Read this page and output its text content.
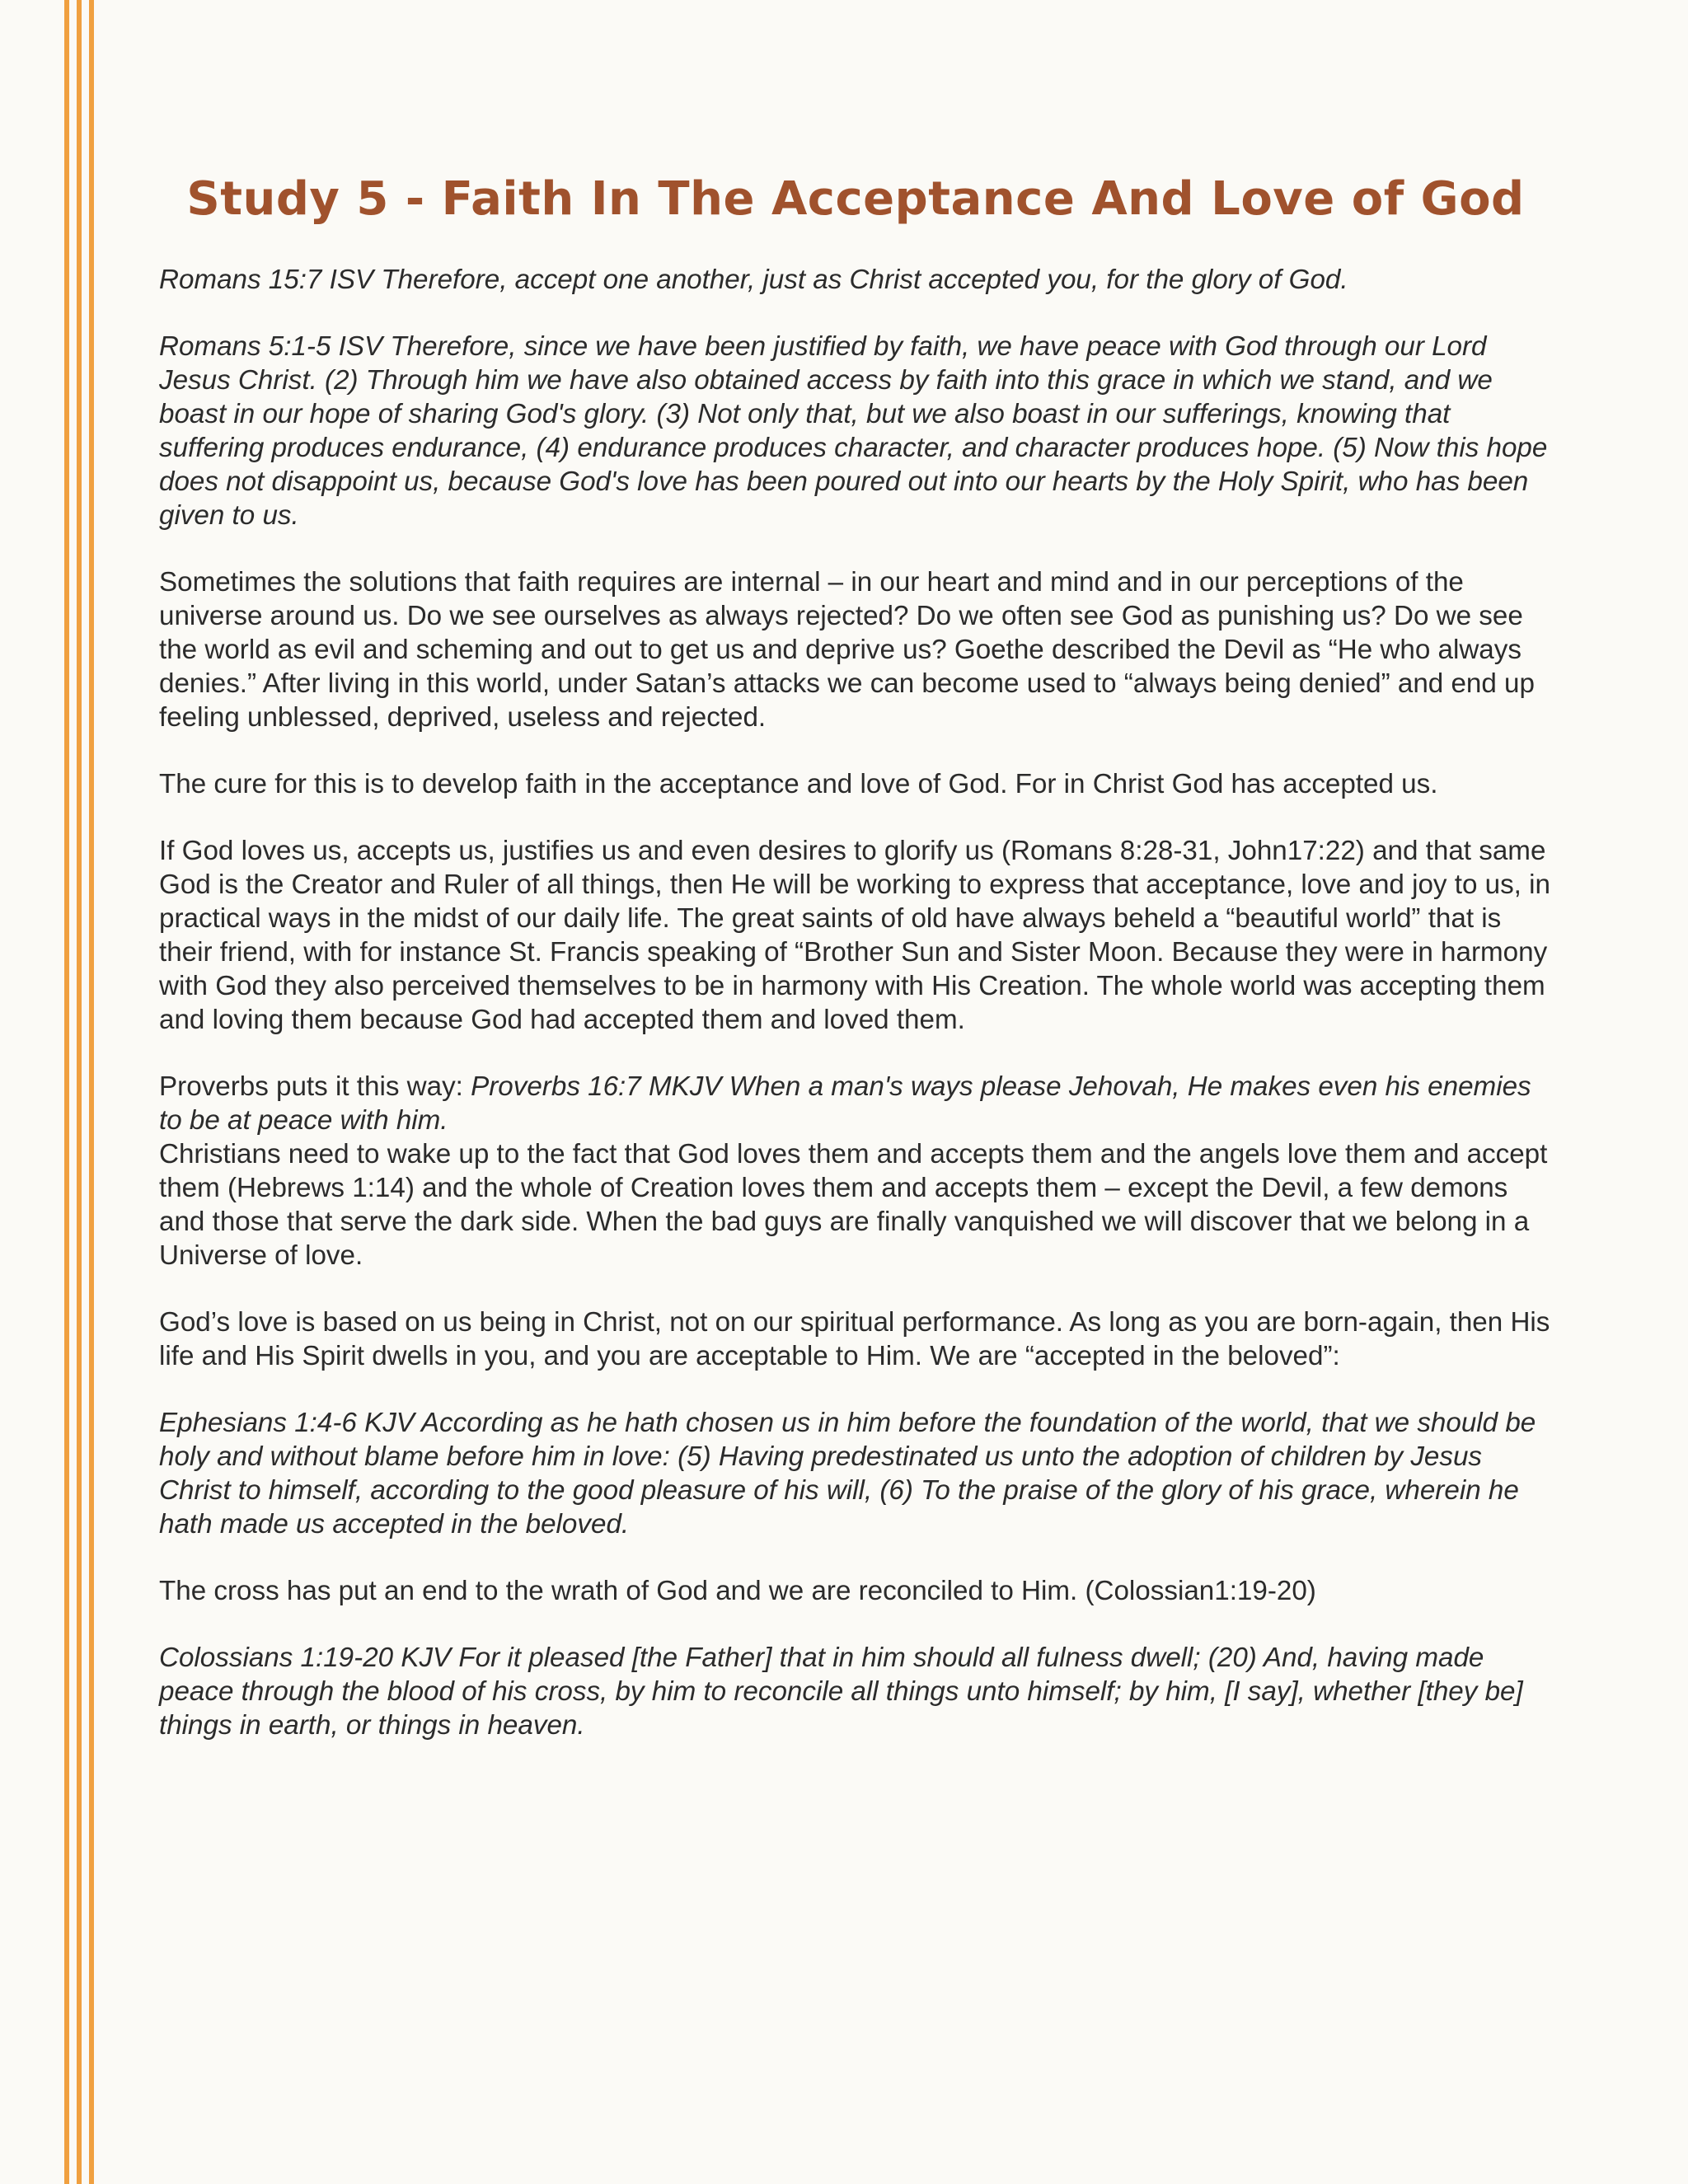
Study 5 - Faith In The Acceptance And Love of God

Romans 15:7 ISV Therefore, accept one another, just as Christ accepted you, for the glory of God.

Romans 5:1-5 ISV Therefore, since we have been justified by faith, we have peace with God through our Lord Jesus Christ. (2) Through him we have also obtained access by faith into this grace in which we stand, and we boast in our hope of sharing God's glory. (3) Not only that, but we also boast in our sufferings, knowing that suffering produces endurance, (4) endurance produces character, and character produces hope. (5) Now this hope does not disappoint us, because God's love has been poured out into our hearts by the Holy Spirit, who has been given to us.

Sometimes the solutions that faith requires are internal – in our heart and mind and in our perceptions of the universe around us. Do we see ourselves as always rejected? Do we often see God as punishing us? Do we see the world as evil and scheming and out to get us and deprive us? Goethe described the Devil as “He who always denies.” After living in this world, under Satan’s attacks we can become used to “always being denied” and end up feeling unblessed, deprived, useless and rejected.

The cure for this is to develop faith in the acceptance and love of God. For in Christ God has accepted us.

If God loves us, accepts us, justifies us and even desires to glorify us (Romans 8:28-31, John17:22) and that same God is the Creator and Ruler of all things, then He will be working to express that acceptance, love and joy to us, in practical ways in the midst of our daily life. The great saints of old have always beheld a “beautiful world” that is their friend, with for instance St. Francis speaking of “Brother Sun and Sister Moon. Because they were in harmony with God they also perceived themselves to be in harmony with His Creation. The whole world was accepting them and loving them because God had accepted them and loved them.

Proverbs puts it this way: Proverbs 16:7 MKJV When a man's ways please Jehovah, He makes even his enemies to be at peace with him.

Christians need to wake up to the fact that God loves them and accepts them and the angels love them and accept them (Hebrews 1:14) and the whole of Creation loves them and accepts them – except the Devil, a few demons and those that serve the dark side. When the bad guys are finally vanquished we will discover that we belong in a Universe of love.

God’s love is based on us being in Christ, not on our spiritual performance. As long as you are born-again, then His life and His Spirit dwells in you, and you are acceptable to Him. We are “accepted in the beloved”:

Ephesians 1:4-6 KJV According as he hath chosen us in him before the foundation of the world, that we should be holy and without blame before him in love: (5) Having predestinated us unto the adoption of children by Jesus Christ to himself, according to the good pleasure of his will, (6) To the praise of the glory of his grace, wherein he hath made us accepted in the beloved.

The cross has put an end to the wrath of God and we are reconciled to Him. (Colossian1:19-20)

Colossians 1:19-20 KJV For it pleased [the Father] that in him should all fulness dwell; (20) And, having made peace through the blood of his cross, by him to reconcile all things unto himself; by him, [I say], whether [they be] things in earth, or things in heaven.
